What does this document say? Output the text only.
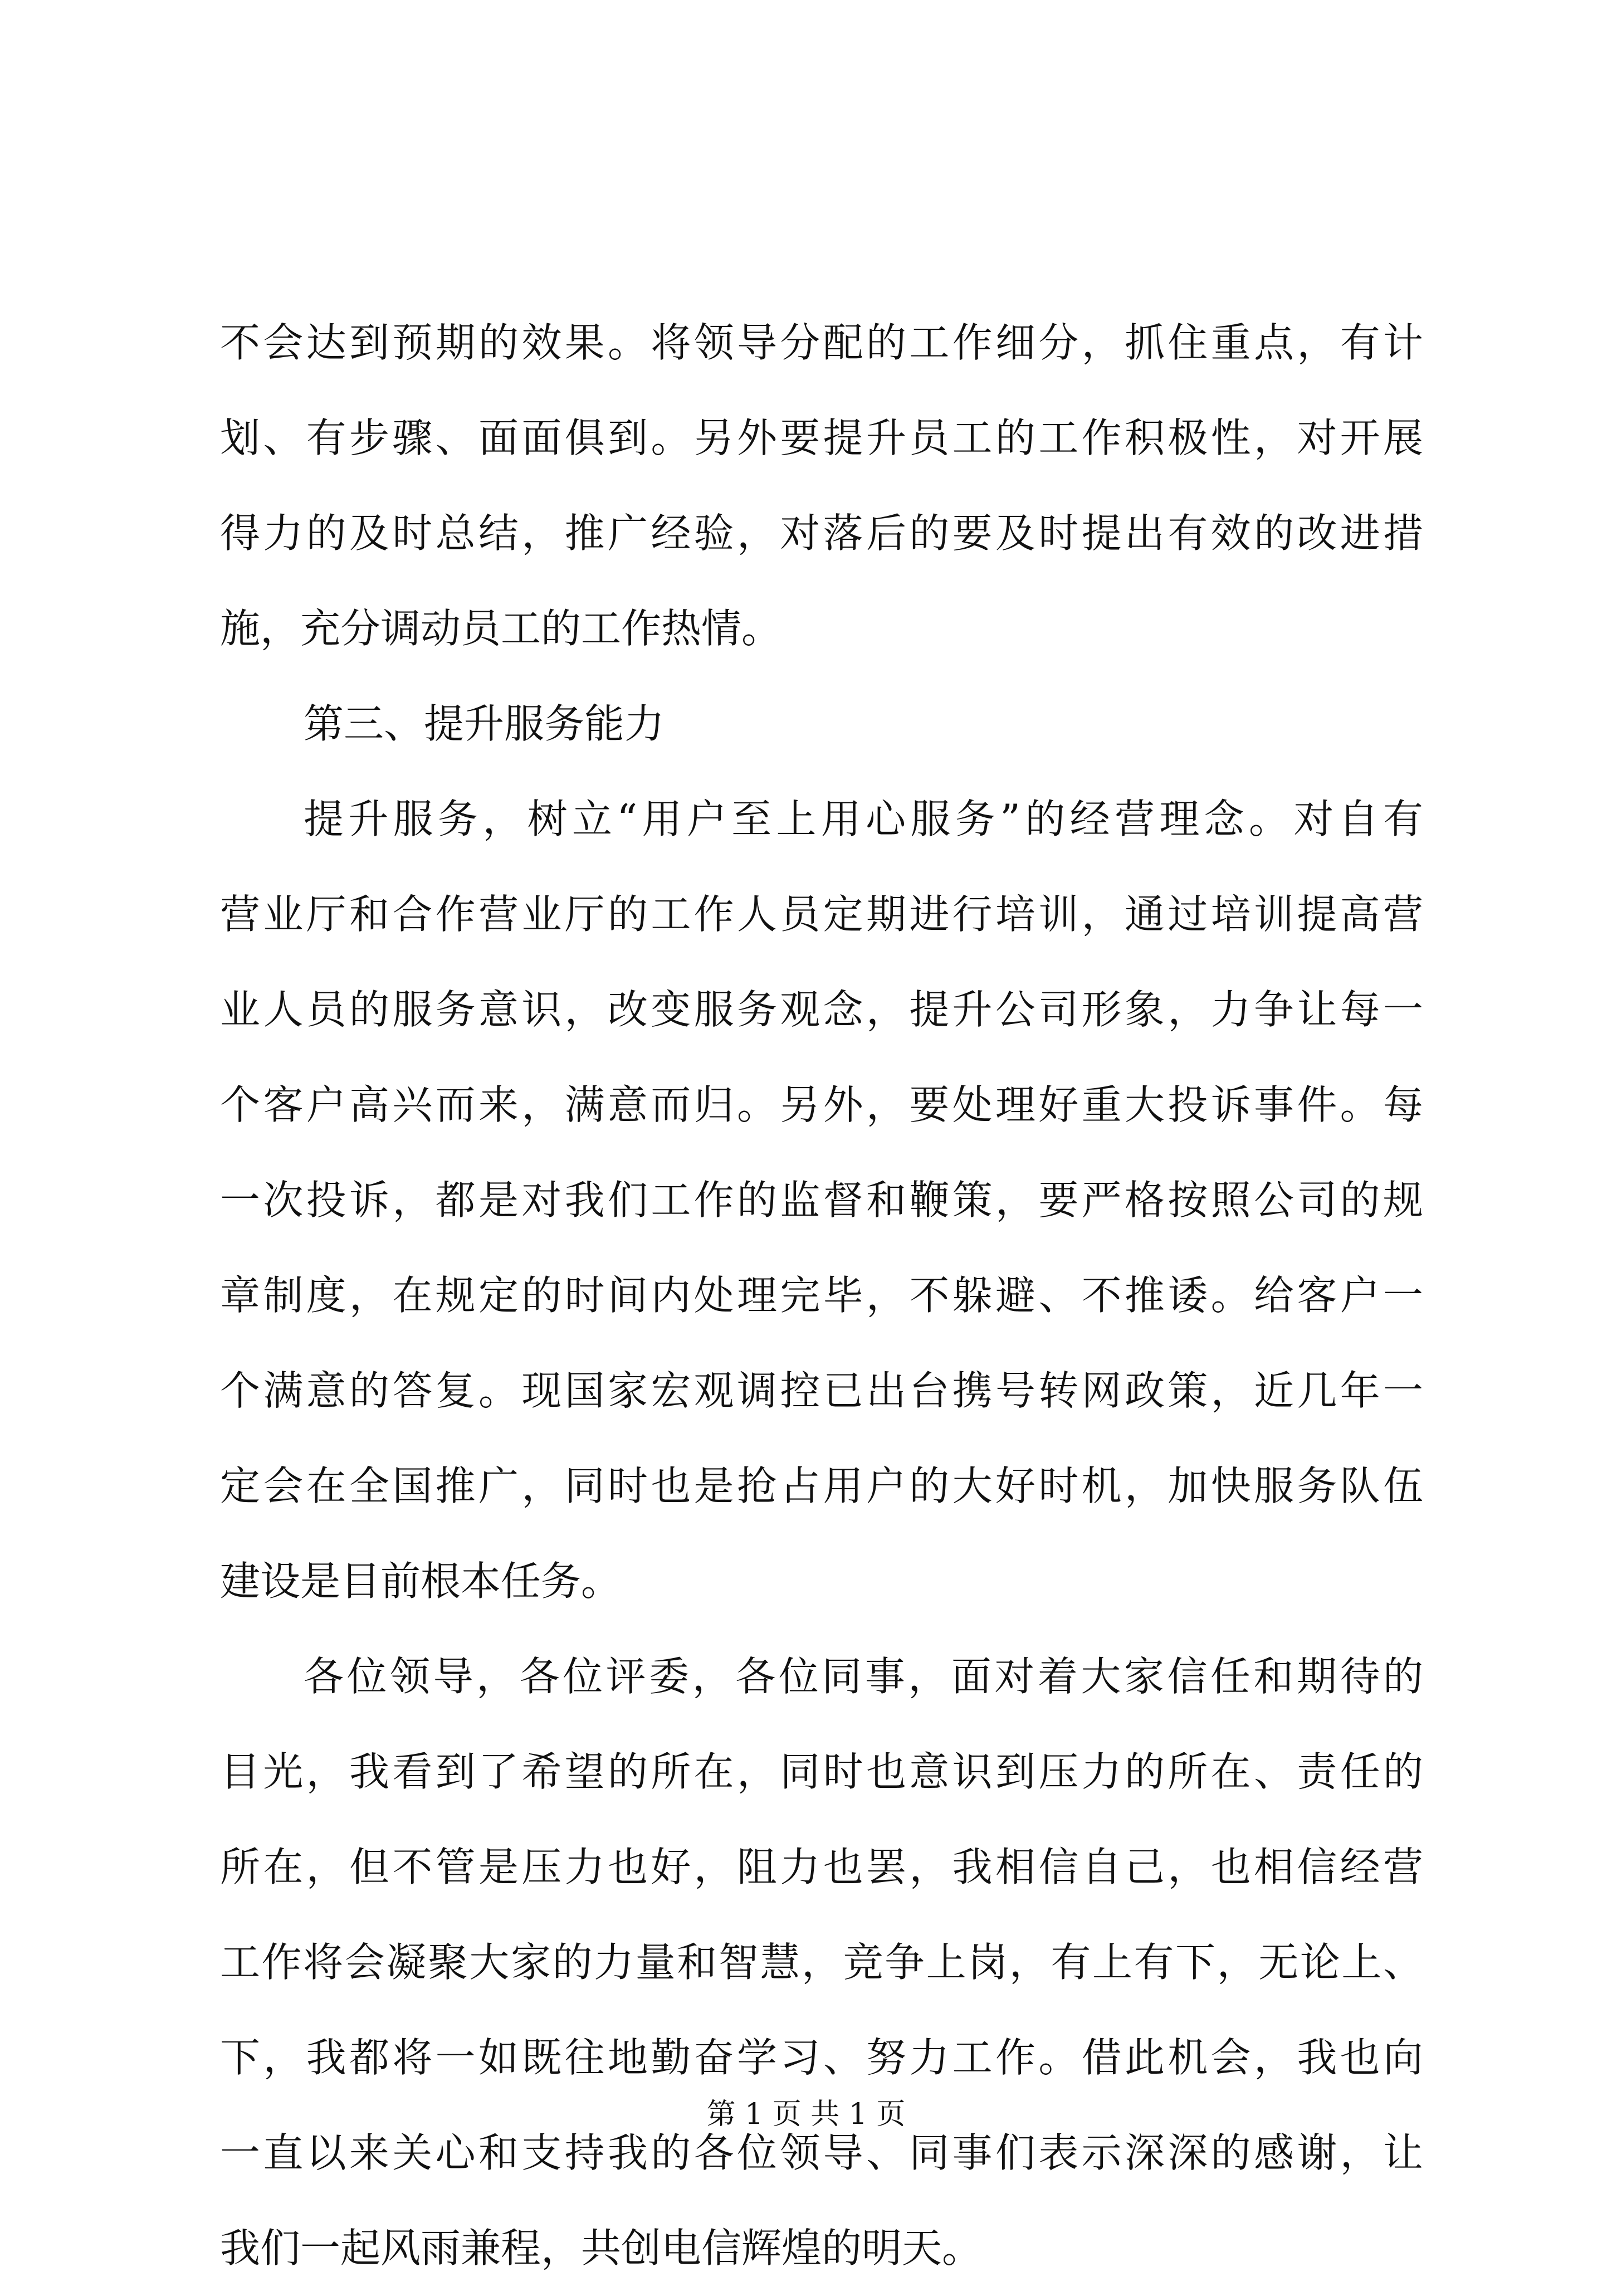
不会达到预期的效果。将领导分配的工作细分，抓住重点，有计
划、有步骤、面面俱到。另外要提升员工的工作积极性，对开展
得力的及时总结，推广经验，对落后的要及时提出有效的改进措
施，充分调动员工的工作热情。
第三、提升服务能力
提升服务，树立“用户至上用心服务”的经营理念。对自有
营业厅和合作营业厅的工作人员定期进行培训，通过培训提高营
业人员的服务意识，改变服务观念，提升公司形象，力争让每一
个客户高兴而来，满意而归。另外，要处理好重大投诉事件。每
一次投诉，都是对我们工作的监督和鞭策，要严格按照公司的规
章制度，在规定的时间内处理完毕，不躲避、不推诿。给客户一
个满意的答复。现国家宏观调控已出台携号转网政策，近几年一
定会在全国推广，同时也是抢占用户的大好时机，加快服务队伍
建设是目前根本任务。
各位领导，各位评委，各位同事，面对着大家信任和期待的
目光，我看到了希望的所在，同时也意识到压力的所在、责任的
所在，但不管是压力也好，阻力也罢，我相信自己，也相信经营
工作将会凝聚大家的力量和智慧，竞争上岗，有上有下，无论上、
下，我都将一如既往地勤奋学习、努力工作。借此机会，我也向
一直以来关心和支持我的各位领导、同事们表示深深的感谢，让
我们一起风雨兼程，共创电信辉煌的明天。
第 1 页 共 1 页
